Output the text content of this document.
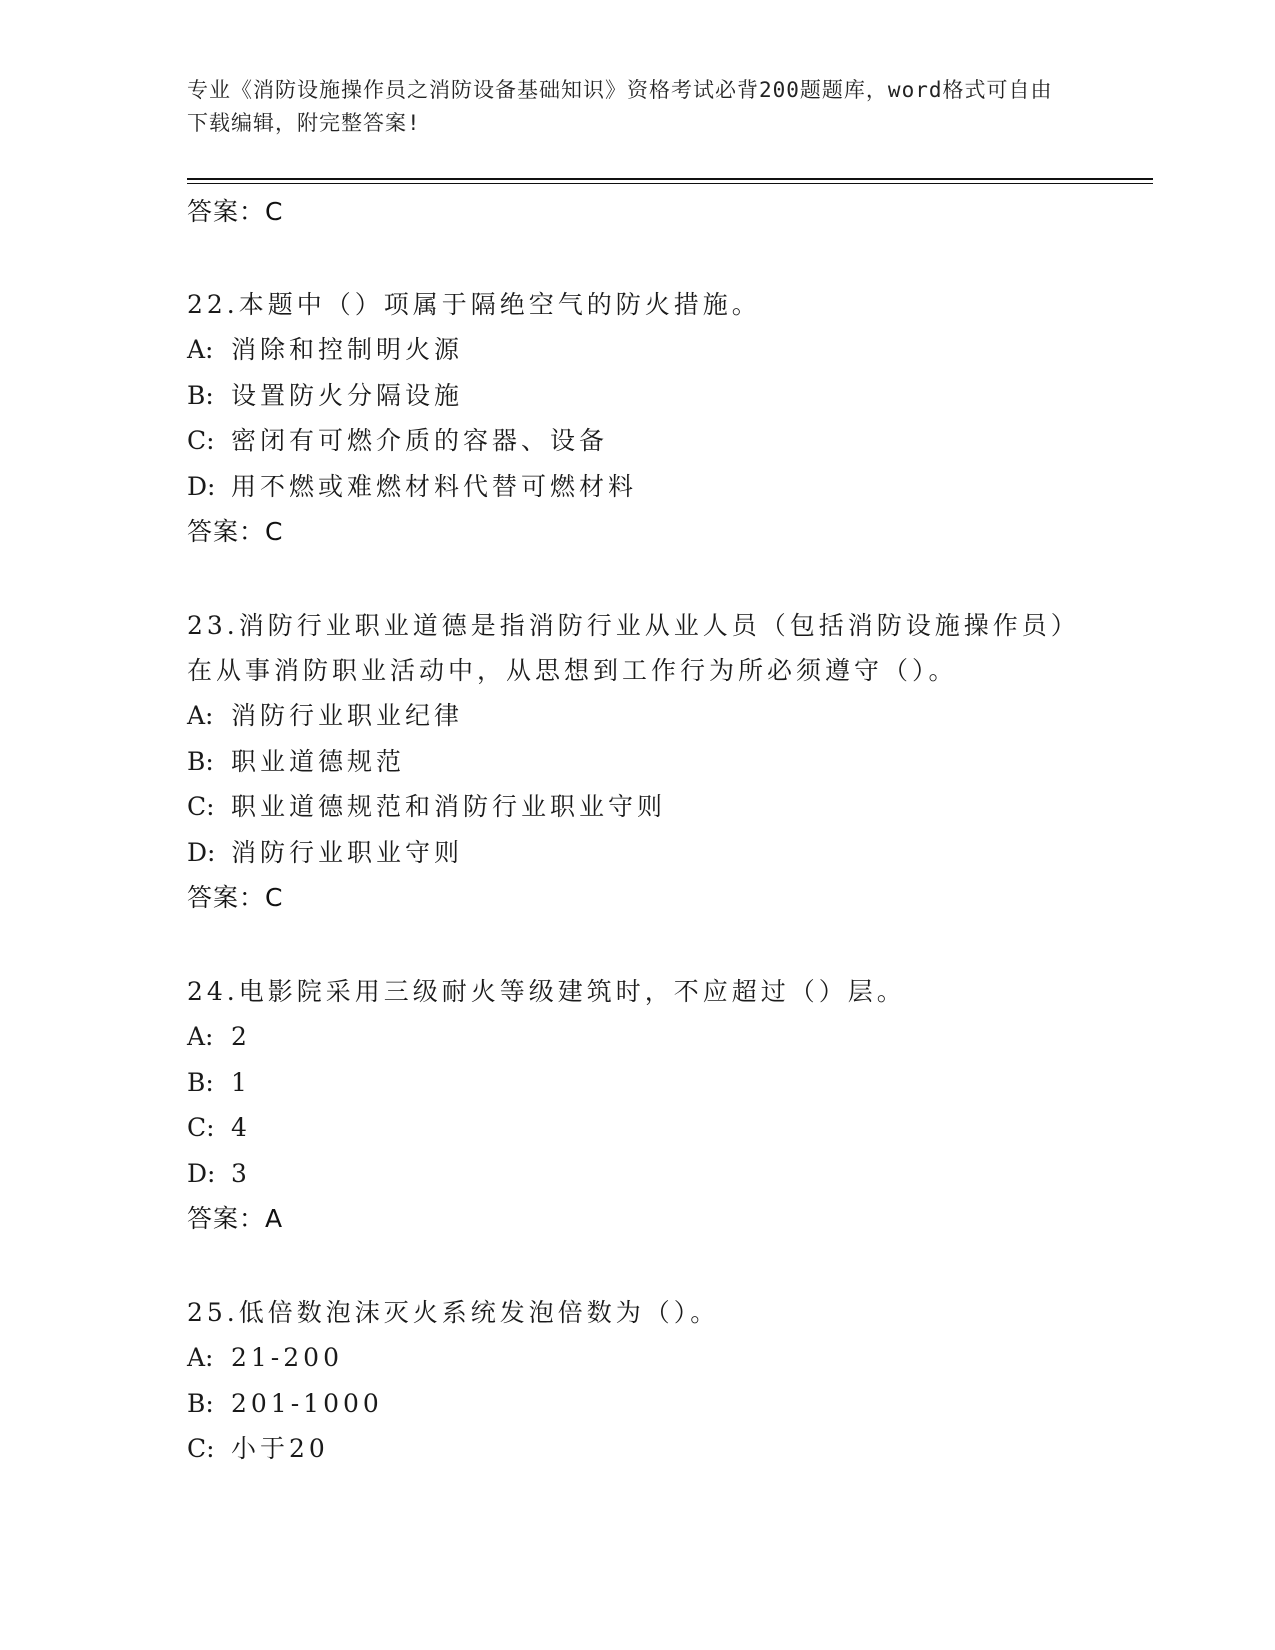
专业《消防设施操作员之消防设备基础知识》资格考试必背200题题库，word格式可自由下载编辑，附完整答案!
答案：C
22.本题中（）项属于隔绝空气的防火措施。
A: 消除和控制明火源
B: 设置防火分隔设施
C: 密闭有可燃介质的容器、设备
D: 用不燃或难燃材料代替可燃材料
答案：C
23.消防行业职业道德是指消防行业从业人员（包括消防设施操作员）在从事消防职业活动中，从思想到工作行为所必须遵守（）。
A: 消防行业职业纪律
B: 职业道德规范
C: 职业道德规范和消防行业职业守则
D: 消防行业职业守则
答案：C
24.电影院采用三级耐火等级建筑时，不应超过（）层。
A: 2
B: 1
C: 4
D: 3
答案：A
25.低倍数泡沫灭火系统发泡倍数为（）。
A: 21-200
B: 201-1000
C: 小于20
